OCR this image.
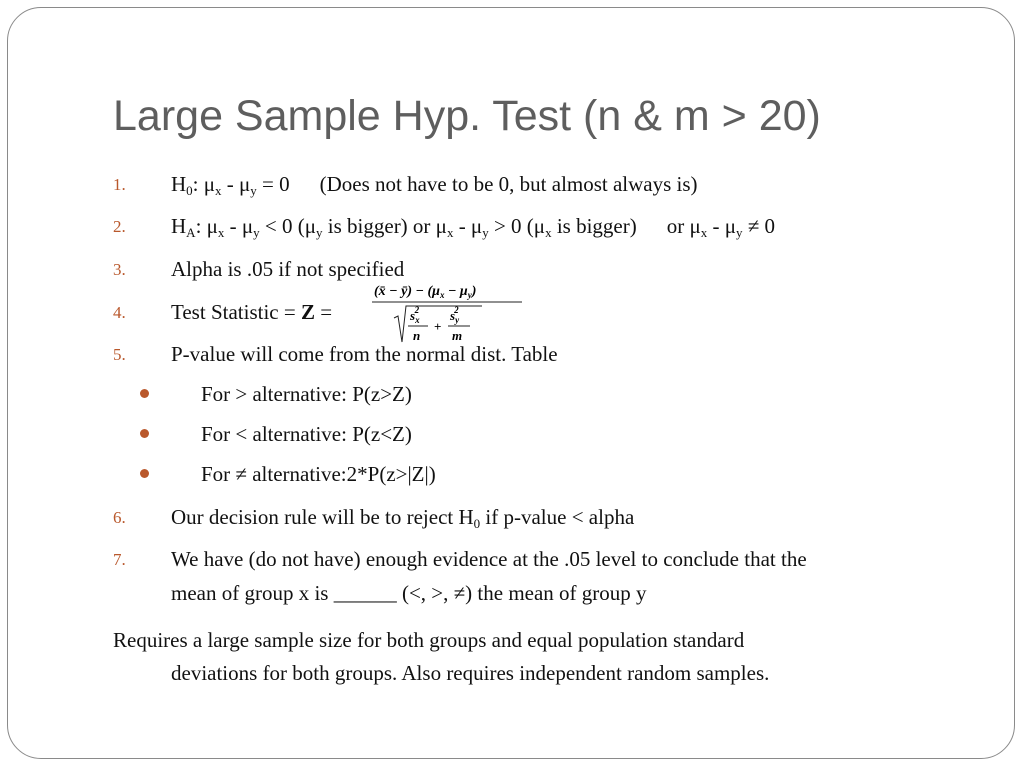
Large Sample Hyp. Test (n & m > 20)
1. $H_0$: $\mu_x - \mu_y = 0$ (Does not have to be 0, but almost always is)
2. $H_A$: $\mu_x - \mu_y < 0$ ($\mu_y$ is bigger) or $\mu_x - \mu_y > 0$ ($\mu_x$ is bigger) or $\mu_x - \mu_y \ne 0$
3. Alpha is .05 if not specified
4. Test Statistic = Z =
(x̄ − ȳ) − $(\mu_x - \mu_y)$
$s_x2$
n
+
$s_y2$
m
5. P-value will come from the normal dist. Table
For > alternative: P(z>Z)
For < alternative: P(z<Z)
For ≠ alternative:2*P(z>|Z|)
6. Our decision rule will be to reject $H_0$ if p-value < alpha
7. We have (do not have) enough evidence at the .05 level to conclude that the
mean of group x is ______ (<, >, ≠) the mean of group y
Requires a large sample size for both groups and equal population standard
deviations for both groups. Also requires independent random samples.
